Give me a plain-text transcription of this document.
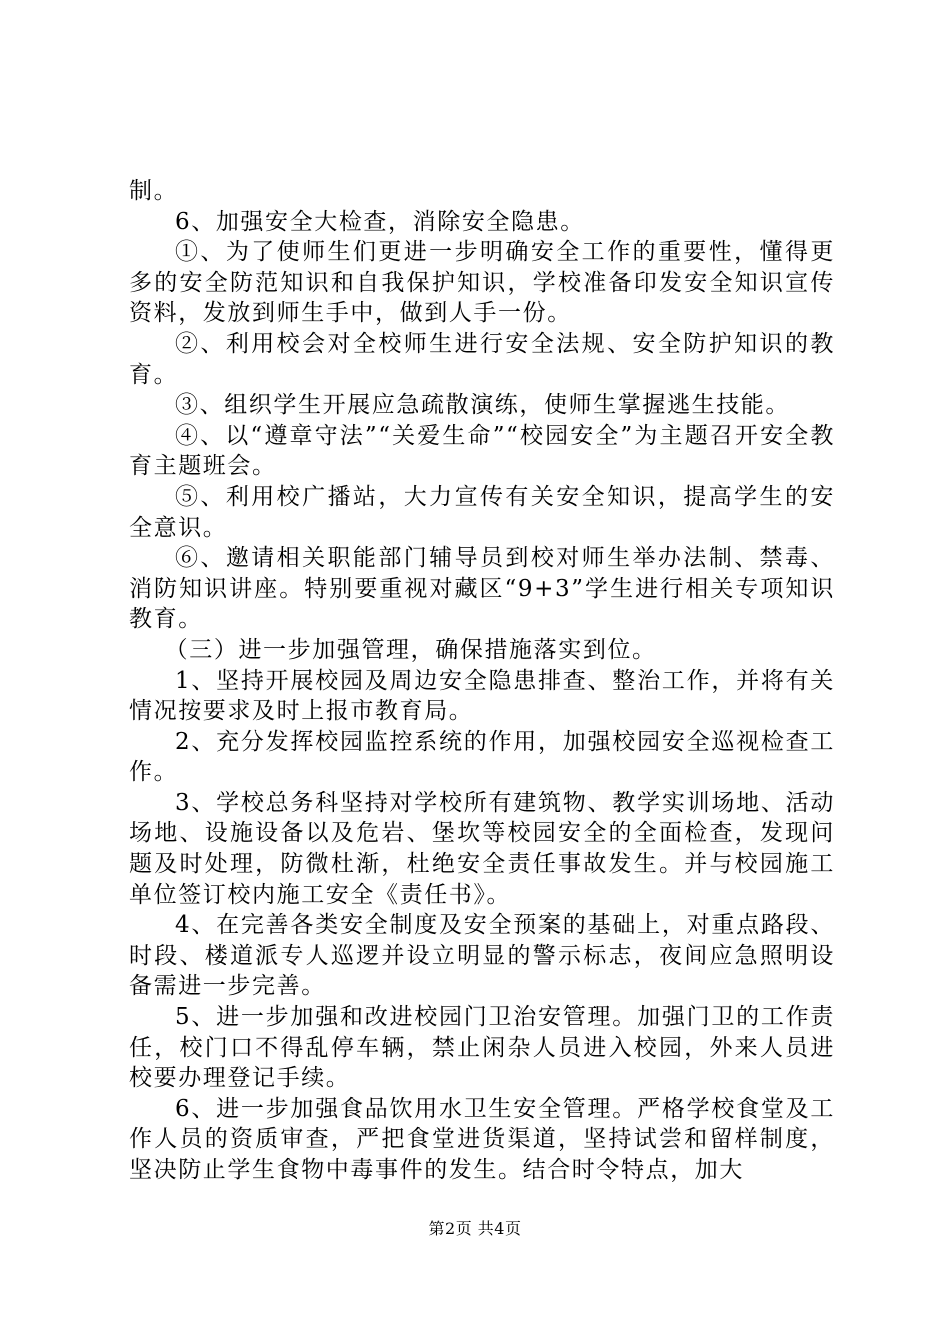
制。

6、加强安全大检查，消除安全隐患。

①、为了使师生们更进一步明确安全工作的重要性，懂得更多的安全防范知识和自我保护知识，学校准备印发安全知识宣传资料，发放到师生手中，做到人手一份。

②、利用校会对全校师生进行安全法规、安全防护知识的教育。

③、组织学生开展应急疏散演练，使师生掌握逃生技能。

④、以“遵章守法”“关爱生命”“校园安全”为主题召开安全教育主题班会。

⑤、利用校广播站，大力宣传有关安全知识，提高学生的安全意识。

⑥、邀请相关职能部门辅导员到校对师生举办法制、禁毒、消防知识讲座。特别要重视对藏区“9+3”学生进行相关专项知识教育。

（三）进一步加强管理，确保措施落实到位。

1、坚持开展校园及周边安全隐患排查、整治工作，并将有关情况按要求及时上报市教育局。

2、充分发挥校园监控系统的作用，加强校园安全巡视检查工作。

3、学校总务科坚持对学校所有建筑物、教学实训场地、活动场地、设施设备以及危岩、堡坎等校园安全的全面检查，发现问题及时处理，防微杜渐，杜绝安全责任事故发生。并与校园施工单位签订校内施工安全《责任书》。

4、在完善各类安全制度及安全预案的基础上，对重点路段、时段、楼道派专人巡逻并设立明显的警示标志，夜间应急照明设备需进一步完善。

5、进一步加强和改进校园门卫治安管理。加强门卫的工作责任，校门口不得乱停车辆，禁止闲杂人员进入校园，外来人员进校要办理登记手续。

6、进一步加强食品饮用水卫生安全管理。严格学校食堂及工作人员的资质审查，严把食堂进货渠道，坚持试尝和留样制度，坚决防止学生食物中毒事件的发生。结合时令特点，加大

第2页 共4页
